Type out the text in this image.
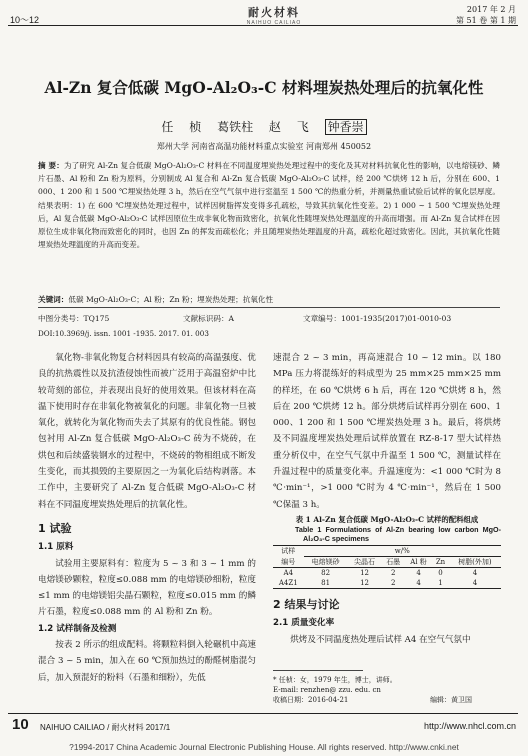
10～12
耐火材料
NAIHUO CAILIAO
2017 年 2 月
第 51 卷 第 1 期
Al-Zn 复合低碳 MgO-Al₂O₃-C 材料埋炭热处理后的抗氧化性
任 桢 葛铁柱 赵 飞 钟香崇
郑州大学 河南省高温功能材料重点实验室 河南郑州 450052
摘 要：为了研究 Al-Zn 复合低碳 MgO-Al₂O₃-C 材料在不同温度埋炭热处理过程中的变化及其对材料抗氧化性的影响，以电熔镁砂、鳞片石墨、Al 粉和 Zn 粉为原料，分别制成 Al 复合和 Al-Zn 复合低碳 MgO-Al₂O₃-C 试样，经 200 ℃烘烤 12 h 后，分别在 600、1 000、1 200 和 1 500 ℃埋炭热处理 3 h，然后在空气气氛中进行室温至 1 500 ℃的热重分析，并测量热重试验后试样的氧化层厚度。结果表明：1) 在 600 ℃埋炭热处理过程中，试样因树脂挥发变得多孔疏松，导致其抗氧化性变差。2) 1 000 ~ 1 500 ℃埋炭热处理后，Al 复合低碳 MgO-Al₂O₃-C 试样因原位生成非氧化物而致密化，抗氧化性随埋炭热处理温度的升高而增强。而 Al-Zn 复合试样在因原位生成非氧化物而致密化的同时，也因 Zn 的挥发而疏松化；并且随埋炭热处理温度的升高，疏松化超过致密化。因此，其抗氧化性随埋炭热处理温度的升高而变差。
关键词：低碳 MgO-Al₂O₃-C；Al 粉；Zn 粉；埋炭热处理；抗氧化性
中图分类号：TQ175	文献标识码：A	文章编号：1001-1935(2017)01-0010-03
DOI:10.3969/j. issn. 1001 -1935. 2017. 01. 003

氧化物-非氧化物复合材料因具有较高的高温强度、优良的抗热震性以及抗渣侵蚀性而被广泛用于高温窑炉中比较苛刻的部位，并表现出良好的使用效果。但该材料在高温下使用时存在非氧化物被氧化的问题。非氧化物一旦被氧化，就转化为氧化物而失去了其原有的优良性能。钢包包衬用 Al-Zn 复合低碳 MgO-Al₂O₃-C 砖为不烧砖，在烘包和后续盛装钢水的过程中，不烧砖的物相组成不断发生变化，而其损毁的主要原因之一为氧化后结构剥落。本工作中，主要研究了 Al-Zn 复合低碳 MgO-Al₂O₃-C 材料在不同温度埋炭热处理后的抗氧化性。

1 试验
1.1 原料

试验用主要原料有：粒度为 5 ~ 3 和 3 ~ 1 mm 的电熔镁砂颗粒，粒度≤0.088 mm 的电熔镁砂细粉，粒度≤1 mm 的电熔镁铝尖晶石颗粒，粒度≤0.015 mm 的鳞片石墨，粒度≤0.088 mm 的 Al 粉和 Zn 粉。

1.2 试样制备及检测

按表 2 所示的组成配料。将颗粒料倒入轮碾机中高速混合 3 ~ 5 min，加入在 60 ℃预加热过的酚醛树脂混匀后，加入预混好的粉料（石墨和细粉），先低

速混合 2 ~ 3 min，再高速混合 10 ~ 12 min。以 180 MPa 压力将混练好的料成型为 25 mm×25 mm×25 mm 的样坯，在 60 ℃烘烤 6 h 后，再在 120 ℃烘烤 8 h，然后在 200 ℃烘烤 12 h。部分烘烤后试样再分别在 600、1 000、1 200 和 1 500 ℃埋炭热处理 3 h。最后，将烘烤及不同温度埋炭热处理后试样放置在 RZ-8-17 型大试样热重分析仪中，在空气气氛中升温至 1 500 ℃，测量试样在升温过程中的质量变化率。升温速度为：<1 000 ℃时为 8 ℃·min⁻¹，>1 000 ℃时为 4 ℃·min⁻¹，然后在 1 500 ℃保温 3 h。

表 1 Al-Zn 复合低碳 MgO-Al₂O₃-C 试样的配料组成
Table 1 Formulations of Al-Zn bearing low carbon MgO-Al₂O₃-C specimens
试样	w/%					
编号	电熔镁砂	尖晶石	石墨	Al 粉	Zn	树脂(外加)
A4	82	12	2	4	0	4
A4Z1	81	12	2	4	1	4
2 结果与讨论
2.1 质量变化率

烘烤及不同温度热处理后试样 A4 在空气气氛中

* 任桢：女，1979 年生，博士，讲师。
E-mail: renzhen@ zzu. edu. cn
收稿日期：2016-04-21	编辑：黄卫国
10 NAIHUO CAILIAO / 耐火材料 2017/1	http://www.nhcl.com.cn
?1994-2017 China Academic Journal Electronic Publishing House. All rights reserved. http://www.cnki.net
